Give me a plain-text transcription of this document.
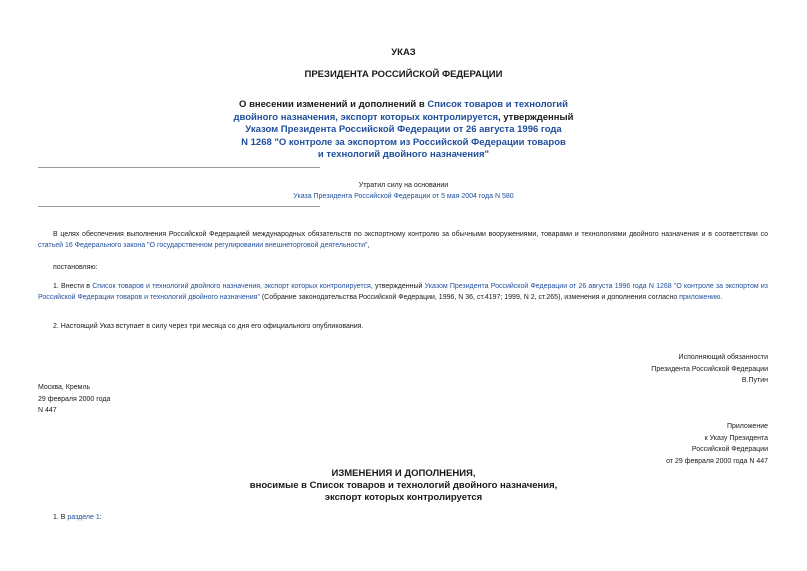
УКАЗ
ПРЕЗИДЕНТА РОССИЙСКОЙ ФЕДЕРАЦИИ
О внесении изменений и дополнений в Список товаров и технологий
двойного назначения, экспорт которых контролируется, утвержденный
Указом Президента Российской Федерации от 26 августа 1996 года
N 1268 "О контроле за экспортом из Российской Федерации товаров
и технологий двойного назначения"
Утратил силу на основании
Указа Президента Российской Федерации от 5 мая 2004 года N 580
В целях обеспечения выполнения Российской Федерацией международных обязательств по экспортному контролю за обычными вооружениями, товарами и технологиями двойного назначения и в соответствии со статьей 16 Федерального закона "О государственном регулировании внешнеторговой деятельности",
постановляю:
1. Внести в Список товаров и технологий двойного назначения, экспорт которых контролируется, утвержденный Указом Президента Российской Федерации от 26 августа 1996 года N 1268 "О контроле за экспортом из Российской Федерации товаров и технологий двойного назначения" (Собрание законодательства Российской Федерации, 1996, N 36, ст.4197; 1999, N 2, ст.265), изменения и дополнения согласно приложению.
2. Настоящий Указ вступает в силу через три месяца со дня его официального опубликования.
Исполняющий обязанности
Президента Российской Федерации
В.Путин
Москва, Кремль
29 февраля 2000 года
N 447
Приложение
к Указу Президента
Российской Федерации
от 29 февраля 2000 года N 447
ИЗМЕНЕНИЯ И ДОПОЛНЕНИЯ,
вносимые в Список товаров и технологий двойного назначения,
экспорт которых контролируется
1. В разделе 1:
